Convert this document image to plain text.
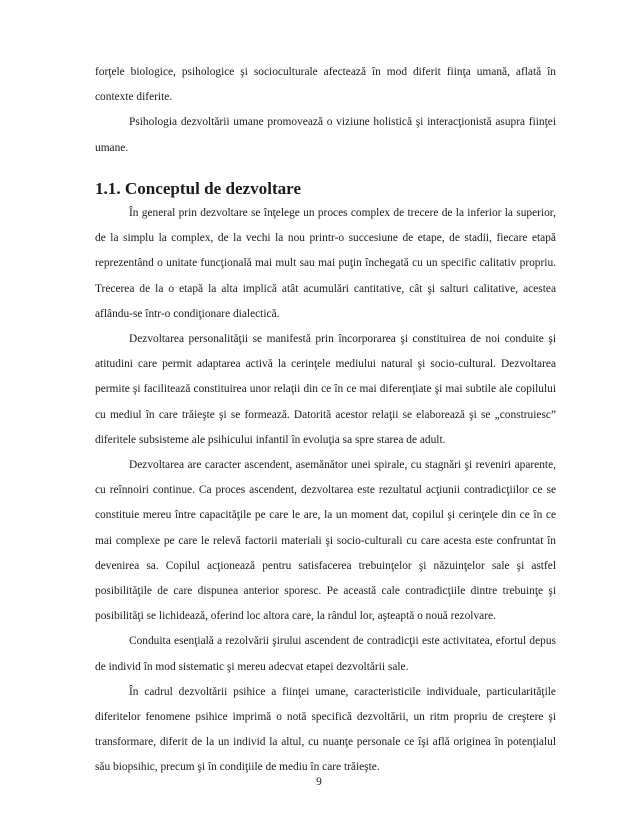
forţele biologice, psihologice şi socioculturale afectează în mod diferit fiinţa umană, aflată în contexte diferite.

Psihologia dezvoltării umane promovează o viziune holistică şi interacţionistă asupra fiinţei umane.

1.1. Conceptul de dezvoltare

În general prin dezvoltare se înţelege un proces complex de trecere de la inferior la superior, de la simplu la complex, de la vechi la nou printr-o succesiune de etape, de stadii, fiecare etapă reprezentând o unitate funcţională mai mult sau mai puţin închegată cu un specific calitativ propriu. Trecerea de la o etapă la alta implică atât acumulări cantitative, cât şi salturi calitative, acestea aflându-se într-o condiţionare dialectică.

Dezvoltarea personalităţii se manifestă prin încorporarea şi constituirea de noi conduite şi atitudini care permit adaptarea activă la cerinţele mediului natural şi socio-cultural. Dezvoltarea permite şi facilitează constituirea unor relaţii din ce în ce mai diferenţiate şi mai subtile ale copilului cu mediul în care trăieşte şi se formează. Datorită acestor relaţii se elaborează şi se „construiesc” diferitele subsisteme ale psihicului infantil în evoluţia sa spre starea de adult.

Dezvoltarea are caracter ascendent, asemănător unei spirale, cu stagnări şi reveniri aparente, cu reînnoiri continue. Ca proces ascendent, dezvoltarea este rezultatul acţiunii contradicţiilor ce se constituie mereu între capacităţile pe care le are, la un moment dat, copilul şi cerinţele din ce în ce mai complexe pe care le relevă factorii materiali şi socio-culturali cu care acesta este confruntat în devenirea sa. Copilul acţionează pentru satisfacerea trebuinţelor şi năzuinţelor sale şi astfel posibilităţile de care dispunea anterior sporesc. Pe această cale contradicţiile dintre trebuinţe şi posibilităţi se lichidează, oferind loc altora care, la rândul lor, aşteaptă o nouă rezolvare.

Conduita esenţială a rezolvării şirului ascendent de contradicţii este activitatea, efortul depus de individ în mod sistematic şi mereu adecvat etapei dezvoltării sale.

În cadrul dezvoltării psihice a fiinţei umane, caracteristicile individuale, particularităţile diferitelor fenomene psihice imprimă o notă specifică dezvoltării, un ritm propriu de creştere şi transformare, diferit de la un individ la altul, cu nuanţe personale ce îşi află originea în potenţialul său biopsihic, precum şi în condiţiile de mediu în care trăieşte.

9
